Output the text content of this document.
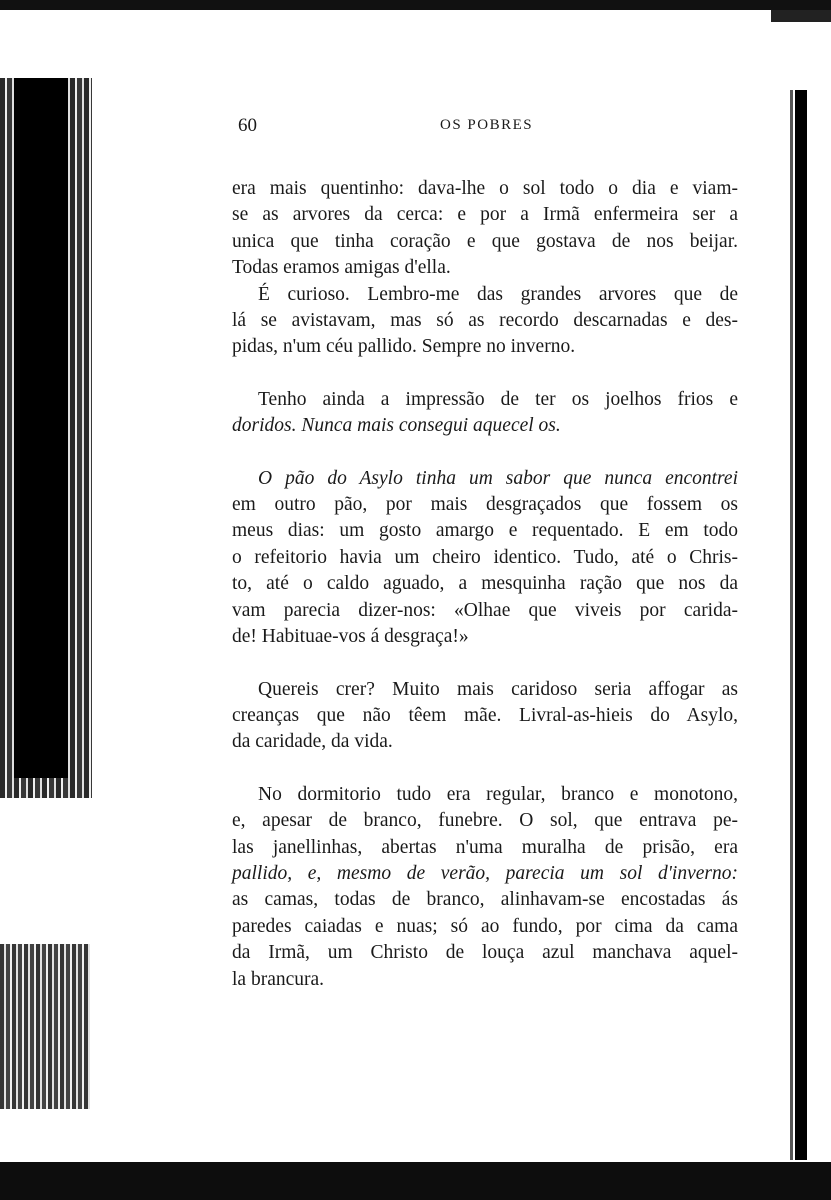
60	OS POBRES

era mais quentinho: dava-lhe o sol todo o dia e viam-
se as arvores da cerca: e por a Irmã enfermeira ser a
unica que tinha coração e que gostava de nos beijar.
Todas eramos amigas d'ella.

É curioso. Lembro-me das grandes arvores que de
lá se avistavam, mas só as recordo descarnadas e des-
pidas, n'um céu pallido. Sempre no inverno.

Tenho ainda a impressão de ter os joelhos frios e
doridos. Nunca mais consegui aquecel os.

O pão do Asylo tinha um sabor que nunca encontrei
em outro pão, por mais desgraçados que fossem os
meus dias: um gosto amargo e requentado. E em todo
o refeitorio havia um cheiro identico. Tudo, até o Chris-
to, até o caldo aguado, a mesquinha ração que nos da
vam parecia dizer-nos: «Olhae que viveis por carida-
de! Habituae-vos á desgraça!»

Quereis crer? Muito mais caridoso seria affogar as
creanças que não têem mãe. Livral-as-hieis do Asylo,
da caridade, da vida.

No dormitorio tudo era regular, branco e monotono,
e, apesar de branco, funebre. O sol, que entrava pe-
las janellinhas, abertas n'uma muralha de prisão, era
pallido, e, mesmo de verão, parecia um sol d'inverno:
as camas, todas de branco, alinhavam-se encostadas ás
paredes caiadas e nuas; só ao fundo, por cima da cama
da Irmã, um Christo de louça azul manchava aquel-
la brancura.
